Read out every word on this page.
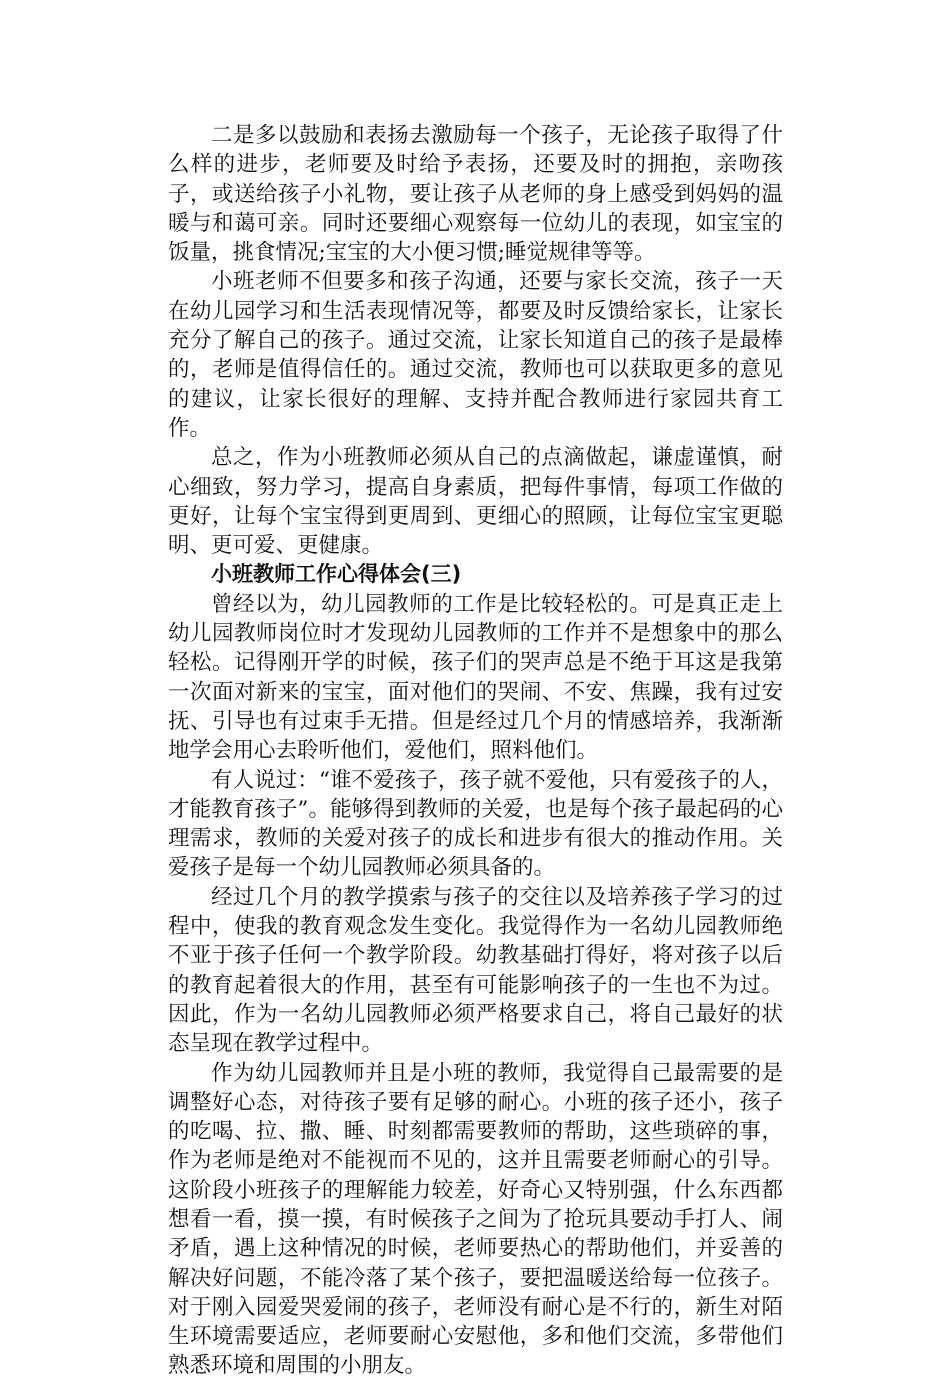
二是多以鼓励和表扬去激励每一个孩子，无论孩子取得了什么样的进步，老师要及时给予表扬，还要及时的拥抱，亲吻孩子，或送给孩子小礼物，要让孩子从老师的身上感受到妈妈的温暖与和蔼可亲。同时还要细心观察每一位幼儿的表现，如宝宝的饭量，挑食情况;宝宝的大小便习惯;睡觉规律等等。

小班老师不但要多和孩子沟通，还要与家长交流，孩子一天在幼儿园学习和生活表现情况等，都要及时反馈给家长，让家长充分了解自己的孩子。通过交流，让家长知道自己的孩子是最棒的，老师是值得信任的。通过交流，教师也可以获取更多的意见的建议，让家长很好的理解、支持并配合教师进行家园共育工作。

总之，作为小班教师必须从自己的点滴做起，谦虚谨慎，耐心细致，努力学习，提高自身素质，把每件事情，每项工作做的更好，让每个宝宝得到更周到、更细心的照顾，让每位宝宝更聪明、更可爱、更健康。

小班教师工作心得体会(三)

曾经以为，幼儿园教师的工作是比较轻松的。可是真正走上幼儿园教师岗位时才发现幼儿园教师的工作并不是想象中的那么轻松。记得刚开学的时候，孩子们的哭声总是不绝于耳这是我第一次面对新来的宝宝，面对他们的哭闹、不安、焦躁，我有过安抚、引导也有过束手无措。但是经过几个月的情感培养，我渐渐地学会用心去聆听他们，爱他们，照料他们。

有人说过：“谁不爱孩子，孩子就不爱他，只有爱孩子的人，才能教育孩子”。能够得到教师的关爱，也是每个孩子最起码的心理需求，教师的关爱对孩子的成长和进步有很大的推动作用。关爱孩子是每一个幼儿园教师必须具备的。

经过几个月的教学摸索与孩子的交往以及培养孩子学习的过程中，使我的教育观念发生变化。我觉得作为一名幼儿园教师绝不亚于孩子任何一个教学阶段。幼教基础打得好，将对孩子以后的教育起着很大的作用，甚至有可能影响孩子的一生也不为过。因此，作为一名幼儿园教师必须严格要求自己，将自己最好的状态呈现在教学过程中。

作为幼儿园教师并且是小班的教师，我觉得自己最需要的是调整好心态，对待孩子要有足够的耐心。小班的孩子还小，孩子的吃喝、拉、撒、睡、时刻都需要教师的帮助，这些琐碎的事，作为老师是绝对不能视而不见的，这并且需要老师耐心的引导。这阶段小班孩子的理解能力较差，好奇心又特别强，什么东西都想看一看，摸一摸，有时候孩子之间为了抢玩具要动手打人、闹矛盾，遇上这种情况的时候，老师要热心的帮助他们，并妥善的解决好问题，不能冷落了某个孩子，要把温暖送给每一位孩子。对于刚入园爱哭爱闹的孩子，老师没有耐心是不行的，新生对陌生环境需要适应，老师要耐心安慰他，多和他们交流，多带他们熟悉环境和周围的小朋友。
